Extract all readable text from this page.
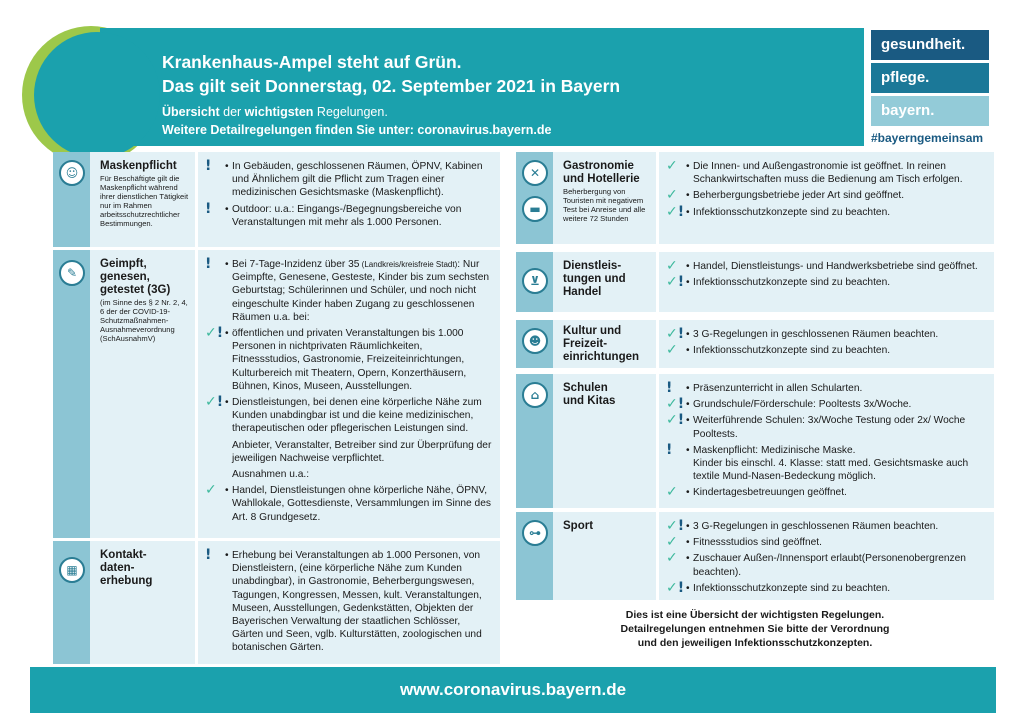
Krankenhaus-Ampel steht auf Grün.
Das gilt seit Donnerstag, 02. September 2021 in Bayern
Übersicht der wichtigsten Regelungen.
Weitere Detailregelungen finden Sie unter: coronavirus.bayern.de
gesundheit.
pflege.
bayern.
#bayerngemeinsam
☺	Maskenpflicht
Für Beschäftigte gilt die Maskenpflicht während ihrer dienstlichen Tätigkeit nur im Rahmen arbeitsschutzrechtlicher Bestimmungen.
! • In Gebäuden, geschlossenen Räumen, ÖPNV, Kabinen und Ähnlichem gilt die Pflicht zum Tragen einer medizinischen Gesichtsmaske (Maskenpflicht).
! • Outdoor: u.a.: Eingangs-/Begegnungsbereiche von Veranstaltungen mit mehr als 1.000 Personen.
✎
Geimpft, genesen, getestet (3G)
(im Sinne des § 2 Nr. 2, 4, 6 der der COVID-19-Schutzmaßnahmen-Ausnahmeverordnung (SchAusnahmV)
! • Bei 7-Tage-Inzidenz über 35 (Landkreis/kreisfreie Stadt): Nur Geimpfte, Genesene, Gesteste, Kinder bis zum sechsten Geburtstag; Schülerinnen und Schüler, und noch nicht eingeschulte Kinder haben Zugang zu geschlossenen Räumen u.a. bei:
✓! • öffentlichen und privaten Veranstaltungen bis 1.000 Personen in nichtprivaten Räumlichkeiten, Fitnessstudios, Gastronomie, Freizeiteinrichtungen, Kulturbereich mit Theatern, Opern, Konzerthäusern, Bühnen, Kinos, Museen, Ausstellungen.
✓! • Dienstleistungen, bei denen eine körperliche Nähe zum Kunden unabdingbar ist und die keine medizinischen, therapeutischen oder pflegerischen Leistungen sind.
Anbieter, Veranstalter, Betreiber sind zur Überprüfung der jeweiligen Nachweise verpflichtet.
Ausnahmen u.a.:
✓ • Handel, Dienstleistungen ohne körperliche Nähe, ÖPNV, Wahllokale, Gottesdienste, Versammlungen im Sinne des Art. 8 Grundgesetz.
▦
Kontakt-
daten-
erhebung
! • Erhebung bei Veranstaltungen ab 1.000 Personen, von Dienstleistern, (eine körperliche Nähe zum Kunden unabdingbar), in Gastronomie, Beherbergungswesen, Tagungen, Kongressen, Messen, kult. Veranstaltungen, Museen, Ausstellungen, Gedenkstätten, Objekten der Bayerischen Verwaltung der staatlichen Schlösser, Gärten und Seen, vglb. Kulturstätten, zoologischen und botanischen Gärten.
✕
▬
Gastronomie
und Hotellerie
Beherbergung von Touristen mit negativem Test bei Anreise und alle weitere 72 Stunden
✓ • Die Innen- und Außengastronomie ist geöffnet. In reinen Schankwirtschaften muss die Bedienung am Tisch erfolgen.
✓ • Beherbergungsbetriebe jeder Art sind geöffnet.
✓! • Infektionsschutzkonzepte sind zu beachten.
⊻
Dienstleis-
tungen und
Handel
✓ • Handel, Dienstleistungs- und Handwerksbetriebe sind geöffnet.
✓! • Infektionsschutzkonzepte sind zu beachten.
☻
Kultur und
Freizeit-
einrichtungen
✓! • 3 G-Regelungen in geschlossenen Räumen beachten.
✓ • Infektionsschutzkonzepte sind zu beachten.
⌂	Schulen
und Kitas
! • Präsenzunterricht in allen Schularten.
✓! • Grundschule/Förderschule: Pooltests 3x/Woche.
✓! • Weiterführende Schulen: 3x/Woche Testung oder 2x/ Woche Pooltests.
! • Maskenpflicht: Medizinische Maske.
Kinder bis einschl. 4. Klasse: statt med. Gesichtsmaske auch textile Mund-Nasen-Bedeckung möglich.
✓ • Kindertagesbetreuungen geöffnet.
⊶	Sport	✓! • 3 G-Regelungen in geschlossenen Räumen beachten.
✓ • Fitnessstudios sind geöffnet.
✓ • Zuschauer Außen-/Innensport erlaubt(Personenobergrenzen beachten).
✓! • Infektionsschutzkonzepte sind zu beachten.
Dies ist eine Übersicht der wichtigsten Regelungen.
Detailregelungen entnehmen Sie bitte der Verordnung
und den jeweiligen Infektionsschutzkonzepten.
www.coronavirus.bayern.de
